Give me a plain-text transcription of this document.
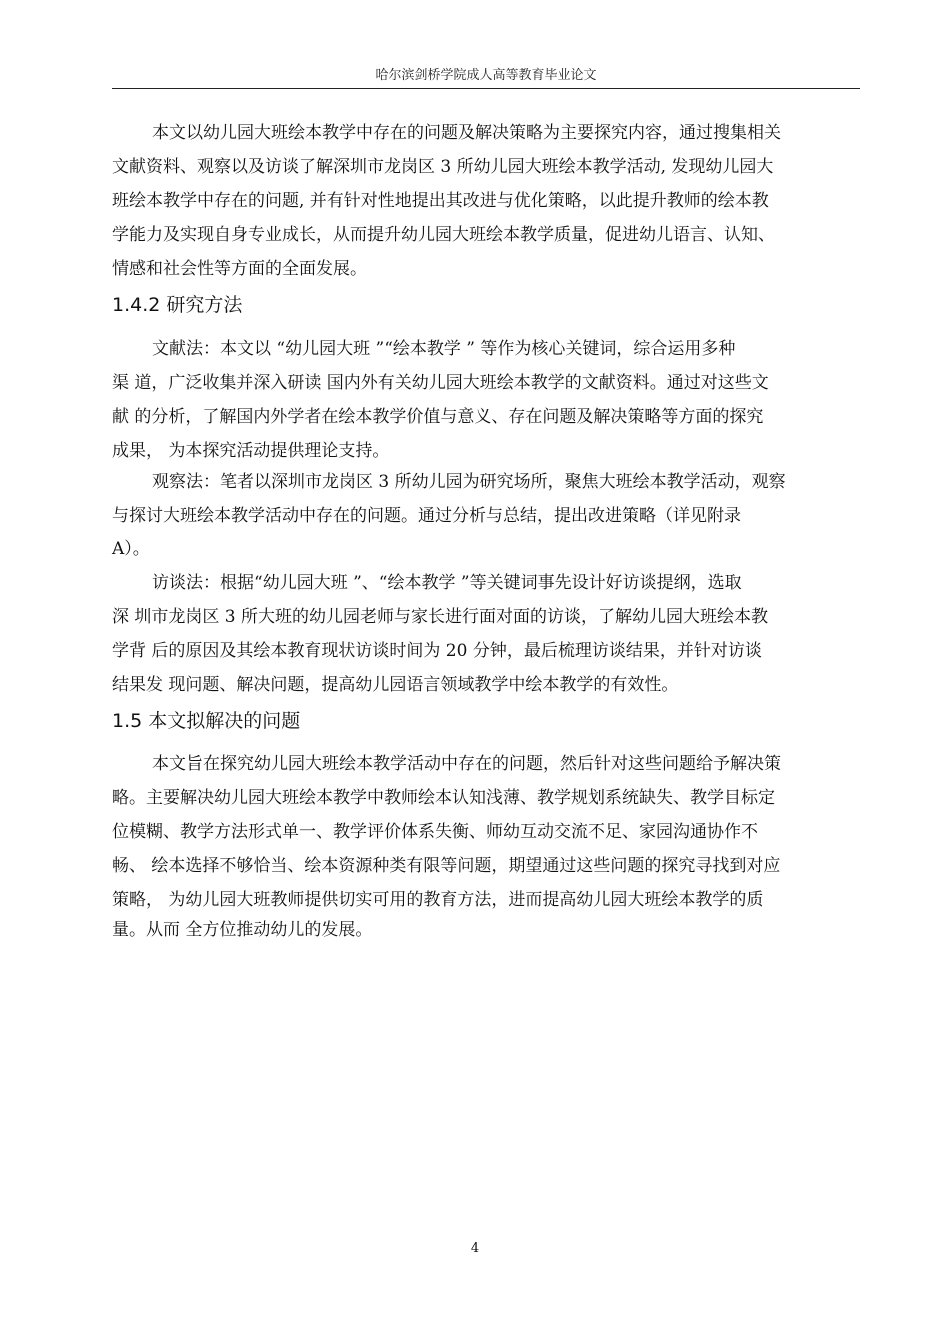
哈尔滨剑桥学院成人高等教育毕业论文
本文以幼儿园大班绘本教学中存在的问题及解决策略为主要探究内容，通过搜集相关
文献资料、观察以及访谈了解深圳市龙岗区 3 所幼儿园大班绘本教学活动, 发现幼儿园大
班绘本教学中存在的问题, 并有针对性地提出其改进与优化策略，以此提升教师的绘本教
学能力及实现自身专业成长，从而提升幼儿园大班绘本教学质量，促进幼儿语言、认知、
情感和社会性等方面的全面发展。
1.4.2 研究方法
文献法：本文以 “幼儿园大班 ”“绘本教学 ” 等作为核心关键词，综合运用多种
渠 道，广泛收集并深入研读 国内外有关幼儿园大班绘本教学的文献资料。通过对这些文
献 的分析，了解国内外学者在绘本教学价值与意义、存在问题及解决策略等方面的探究
成果， 为本探究活动提供理论支持。
观察法：笔者以深圳市龙岗区 3 所幼儿园为研究场所，聚焦大班绘本教学活动，观察
与探讨大班绘本教学活动中存在的问题。通过分析与总结，提出改进策略（详见附录
A）。
访谈法：根据“幼儿园大班 ”、“绘本教学 ”等关键词事先设计好访谈提纲，选取
深 圳市龙岗区 3 所大班的幼儿园老师与家长进行面对面的访谈，了解幼儿园大班绘本教
学背 后的原因及其绘本教育现状访谈时间为 20 分钟，最后梳理访谈结果，并针对访谈
结果发 现问题、解决问题，提高幼儿园语言领域教学中绘本教学的有效性。
1.5 本文拟解决的问题
本文旨在探究幼儿园大班绘本教学活动中存在的问题，然后针对这些问题给予解决策
略。主要解决幼儿园大班绘本教学中教师绘本认知浅薄、教学规划系统缺失、教学目标定
位模糊、教学方法形式单一、教学评价体系失衡、师幼互动交流不足、家园沟通协作不
畅、 绘本选择不够恰当、绘本资源种类有限等问题，期望通过这些问题的探究寻找到对应
策略， 为幼儿园大班教师提供切实可用的教育方法，进而提高幼儿园大班绘本教学的质
量。从而 全方位推动幼儿的发展。
4
